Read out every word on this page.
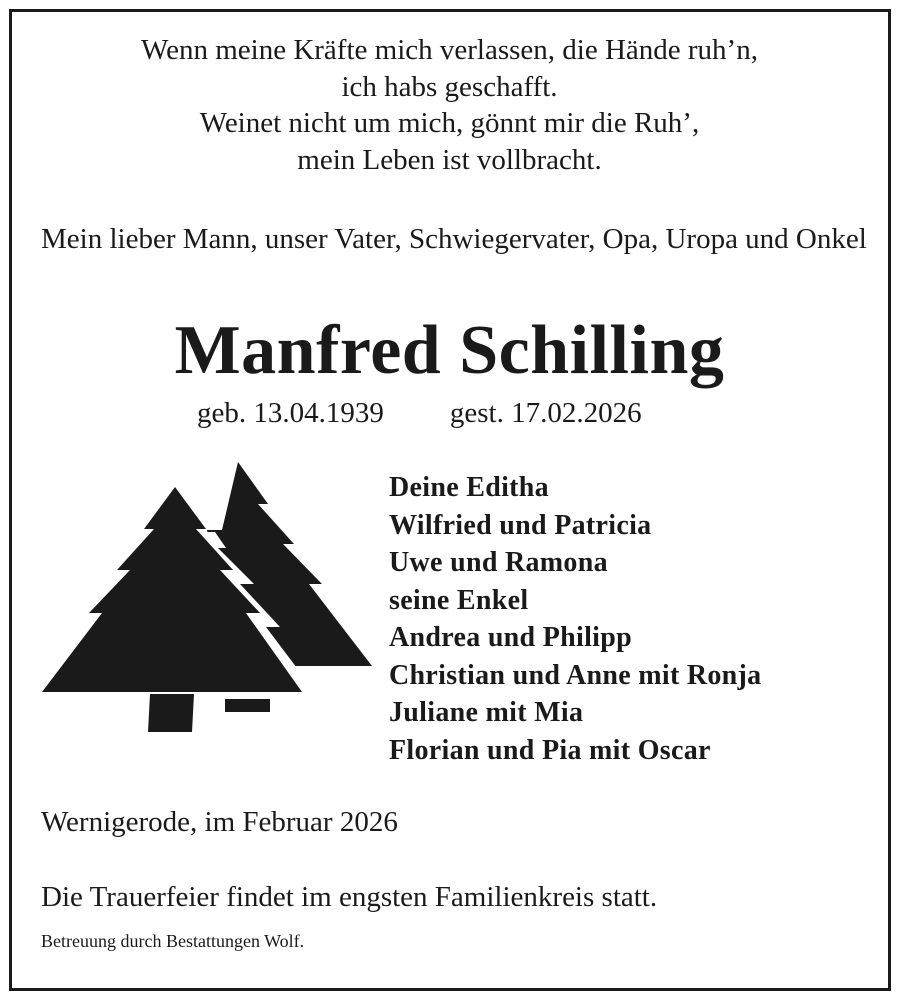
Wenn meine Kräfte mich verlassen, die Hände ruh’n,
ich habs geschafft.
Weinet nicht um mich, gönnt mir die Ruh’,
mein Leben ist vollbracht.
Mein lieber Mann, unser Vater, Schwiegervater, Opa, Uropa und Onkel
Manfred Schilling
geb. 13.04.1939 gest. 17.02.2026
Deine Editha
Wilfried und Patricia
Uwe und Ramona
seine Enkel
Andrea und Philipp
Christian und Anne mit Ronja
Juliane mit Mia
Florian und Pia mit Oscar
Wernigerode, im Februar 2026
Die Trauerfeier findet im engsten Familienkreis statt.
Betreuung durch Bestattungen Wolf.
